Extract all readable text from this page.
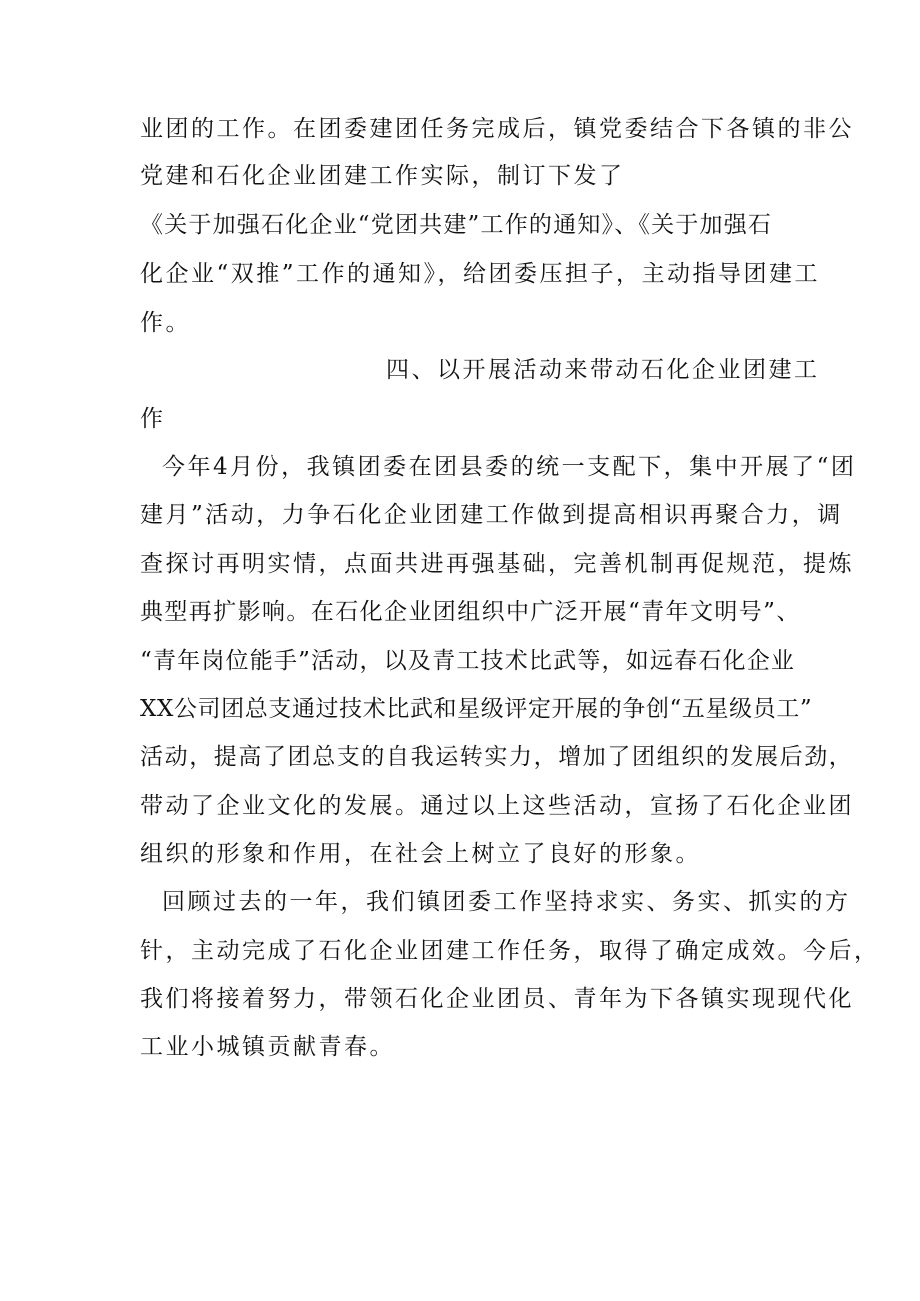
业团的工作。在团委建团任务完成后，镇党委结合下各镇的非公
党建和石化企业团建工作实际，制订下发了
《关于加强石化企业“党团共建”工作的通知》、《关于加强石
化企业“双推”工作的通知》，给团委压担子，主动指导团建工
作。
四、以开展活动来带动石化企业团建工
作
今年4月份，我镇团委在团县委的统一支配下，集中开展了“团
建月”活动，力争石化企业团建工作做到提高相识再聚合力，调
查探讨再明实情，点面共进再强基础，完善机制再促规范，提炼
典型再扩影响。在石化企业团组织中广泛开展“青年文明号”、
“青年岗位能手”活动，以及青工技术比武等，如远春石化企业
XX公司团总支通过技术比武和星级评定开展的争创“五星级员工”
活动，提高了团总支的自我运转实力，增加了团组织的发展后劲，
带动了企业文化的发展。通过以上这些活动，宣扬了石化企业团
组织的形象和作用，在社会上树立了良好的形象。
回顾过去的一年，我们镇团委工作坚持求实、务实、抓实的方
针，主动完成了石化企业团建工作任务，取得了确定成效。今后，
我们将接着努力，带领石化企业团员、青年为下各镇实现现代化
工业小城镇贡献青春。
